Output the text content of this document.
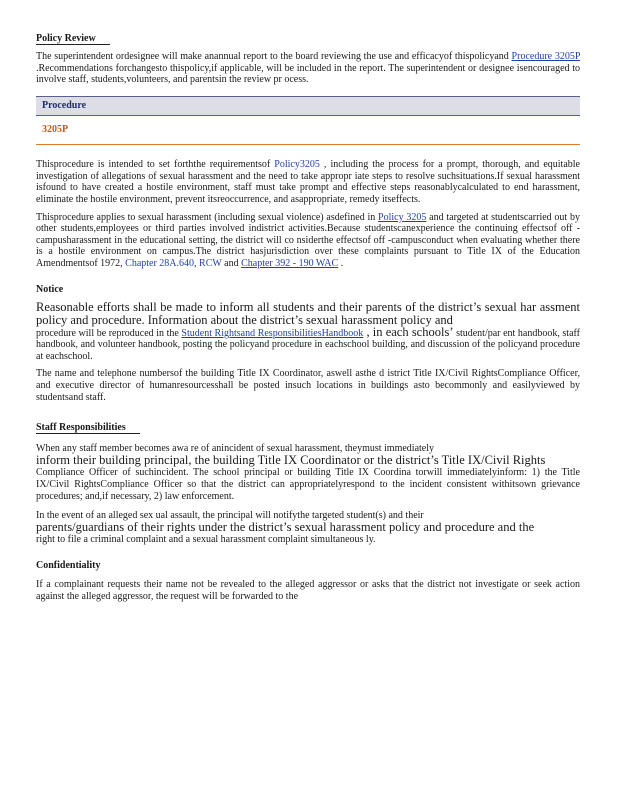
Policy Review

The superintendent ordesignee will make anannual report to the board reviewing the use and efficacyof thispolicyand Procedure 3205P .Recommendations forchangesto thispolicy,if applicable, will be included in the report. The superintendent or designee isencouraged to involve staff, students,volunteers, and parentsin the review pr ocess.

Procedure
3205P

Thisprocedure is intended to set forththe requirementsof Policy3205 , including the process for a prompt, thorough, and equitable investigation of allegations of sexual harassment and the need to take appropr iate steps to resolve suchsituations.If sexual harassment isfound to have created a hostile environment, staff must take prompt and effective steps reasonablycalculated to end harassment, eliminate the hostile environment, prevent itsreoccurrence, and asappropriate, remedy itseffects.

Thisprocedure applies to sexual harassment (including sexual violence) asdefined in Policy 3205 and targeted at studentscarried out by other students,employees or third parties involved indistrict activities.Because studentscanexperience the continuing effectsof off -campusharassment in the educational setting, the district will co nsiderthe effectsof off -campusconduct when evaluating whether there is a hostile environment on campus.The district hasjurisdiction over these complaints pursuant to Title IX of the Education Amendmentsof 1972, Chapter 28A.640, RCW and Chapter 392 - 190 WAC .

Notice

Reasonable efforts shall be made to inform all students and their parents of the district’s sexual har assment policy and procedure. Information about the district’s sexual harassment policy and

procedure will be reproduced in the Student Rightsand ResponsibilitiesHandbook , in each schools’ student/par ent handbook, staff handbook, and volunteer handbook, posting the policyand procedure in eachschool building, and discussion of the policyand procedure at eachschool.

The name and telephone numbersof the building Title IX Coordinator, aswell asthe d istrict Title IX/Civil RightsCompliance Officer, and executive director of humanresourcesshall be posted insuch locations in buildings asto becommonly and easilyviewed by studentsand staff.

Staff Responsibilities

When any staff member becomes awa re of anincident of sexual harassment, theymust immediately
inform their building principal, the building Title IX Coordinator or the district’s Title IX/Civil Rights
Compliance Officer of suchincident. The school principal or building Title IX Coordina torwill immediatelyinform: 1) the Title IX/Civil RightsCompliance Officer so that the district can appropriatelyrespond to the incident consistent withitsown grievance procedures; and,if necessary, 2) law enforcement.

In the event of an alleged sex ual assault, the principal will notifythe targeted student(s) and their
parents/guardians of their rights under the district’s sexual harassment policy and procedure and the
right to file a criminal complaint and a sexual harassment complaint simultaneous ly.

Confidentiality

If a complainant requests their name not be revealed to the alleged aggressor or asks that the district not investigate or seek action against the alleged aggressor, the request will be forwarded to the
